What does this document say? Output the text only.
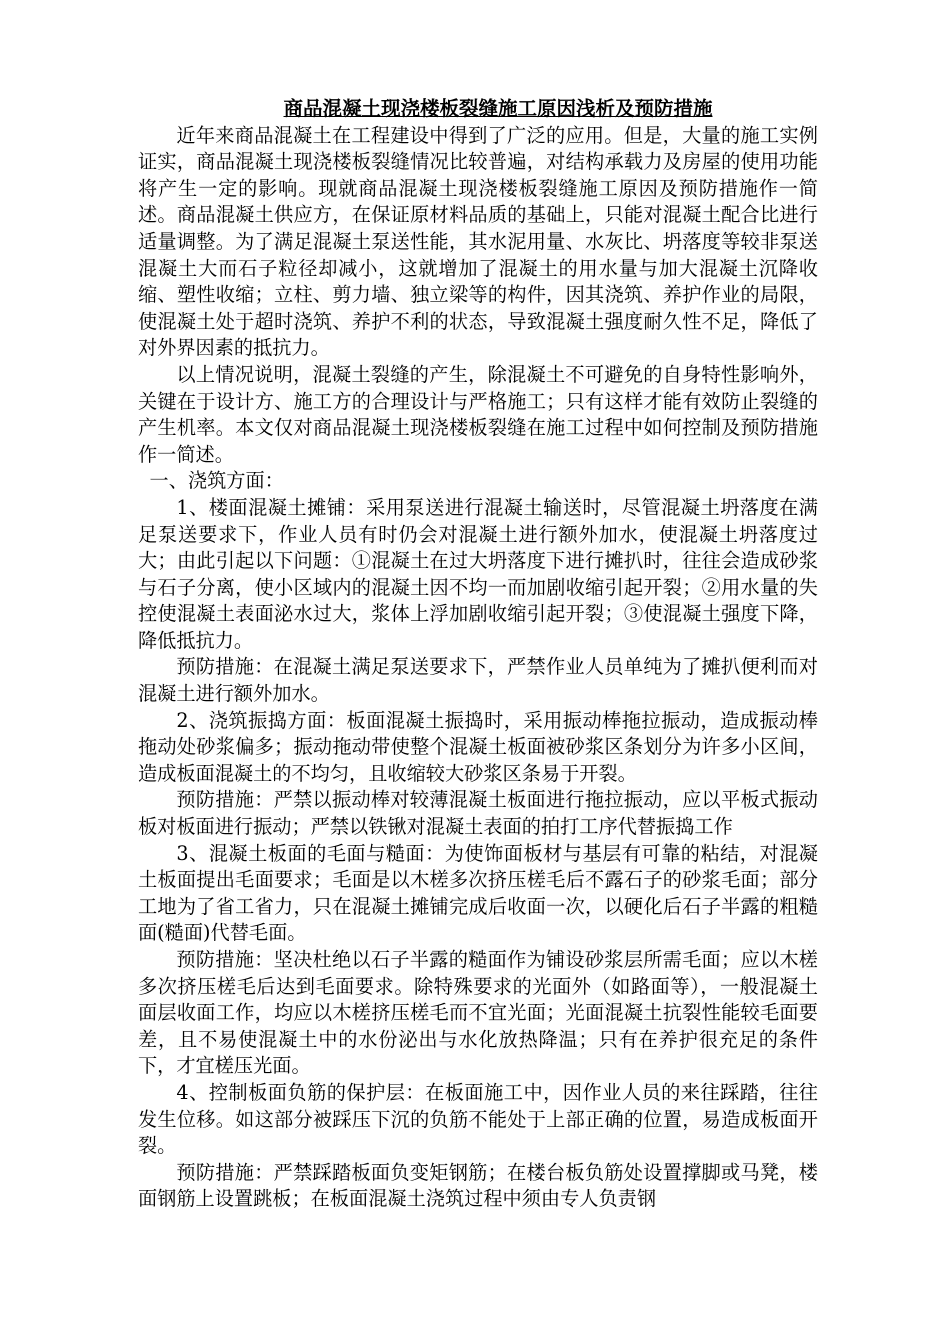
商品混凝土现浇楼板裂缝施工原因浅析及预防措施

近年来商品混凝土在工程建设中得到了广泛的应用。但是，大量的施工实例证实，商品混凝土现浇楼板裂缝情况比较普遍，对结构承载力及房屋的使用功能将产生一定的影响。现就商品混凝土现浇楼板裂缝施工原因及预防措施作一简述。商品混凝土供应方，在保证原材料品质的基础上，只能对混凝土配合比进行适量调整。为了满足混凝土泵送性能，其水泥用量、水灰比、坍落度等较非泵送混凝土大而石子粒径却减小，这就增加了混凝土的用水量与加大混凝土沉降收缩、塑性收缩；立柱、剪力墙、独立梁等的构件，因其浇筑、养护作业的局限，使混凝土处于超时浇筑、养护不利的状态，导致混凝土强度耐久性不足，降低了对外界因素的抵抗力。

以上情况说明，混凝土裂缝的产生，除混凝土不可避免的自身特性影响外，关键在于设计方、施工方的合理设计与严格施工；只有这样才能有效防止裂缝的产生机率。本文仅对商品混凝土现浇楼板裂缝在施工过程中如何控制及预防措施作一简述。

一、浇筑方面：

1、楼面混凝土摊铺：采用泵送进行混凝土输送时，尽管混凝土坍落度在满足泵送要求下，作业人员有时仍会对混凝土进行额外加水，使混凝土坍落度过大；由此引起以下问题：①混凝土在过大坍落度下进行摊扒时，往往会造成砂浆与石子分离，使小区域内的混凝土因不均一而加剧收缩引起开裂；②用水量的失控使混凝土表面泌水过大，浆体上浮加剧收缩引起开裂；③使混凝土强度下降，降低抵抗力。

预防措施：在混凝土满足泵送要求下，严禁作业人员单纯为了摊扒便利而对混凝土进行额外加水。

2、浇筑振捣方面：板面混凝土振捣时，采用振动棒拖拉振动，造成振动棒拖动处砂浆偏多；振动拖动带使整个混凝土板面被砂浆区条划分为许多小区间，造成板面混凝土的不均匀，且收缩较大砂浆区条易于开裂。

预防措施：严禁以振动棒对较薄混凝土板面进行拖拉振动，应以平板式振动板对板面进行振动；严禁以铁锹对混凝土表面的拍打工序代替振捣工作

3、混凝土板面的毛面与糙面：为使饰面板材与基层有可靠的粘结，对混凝土板面提出毛面要求；毛面是以木槎多次挤压槎毛后不露石子的砂浆毛面；部分工地为了省工省力，只在混凝土摊铺完成后收面一次，以硬化后石子半露的粗糙面(糙面)代替毛面。

预防措施：坚决杜绝以石子半露的糙面作为铺设砂浆层所需毛面；应以木槎多次挤压槎毛后达到毛面要求。除特殊要求的光面外（如路面等），一般混凝土面层收面工作，均应以木槎挤压槎毛而不宜光面；光面混凝土抗裂性能较毛面要差，且不易使混凝土中的水份泌出与水化放热降温；只有在养护很充足的条件下，才宜槎压光面。

4、控制板面负筋的保护层：在板面施工中，因作业人员的来往踩踏，往往发生位移。如这部分被踩压下沉的负筋不能处于上部正确的位置，易造成板面开裂。

预防措施：严禁踩踏板面负变矩钢筋；在楼台板负筋处设置撑脚或马凳，楼面钢筋上设置跳板；在板面混凝土浇筑过程中须由专人负责钢
